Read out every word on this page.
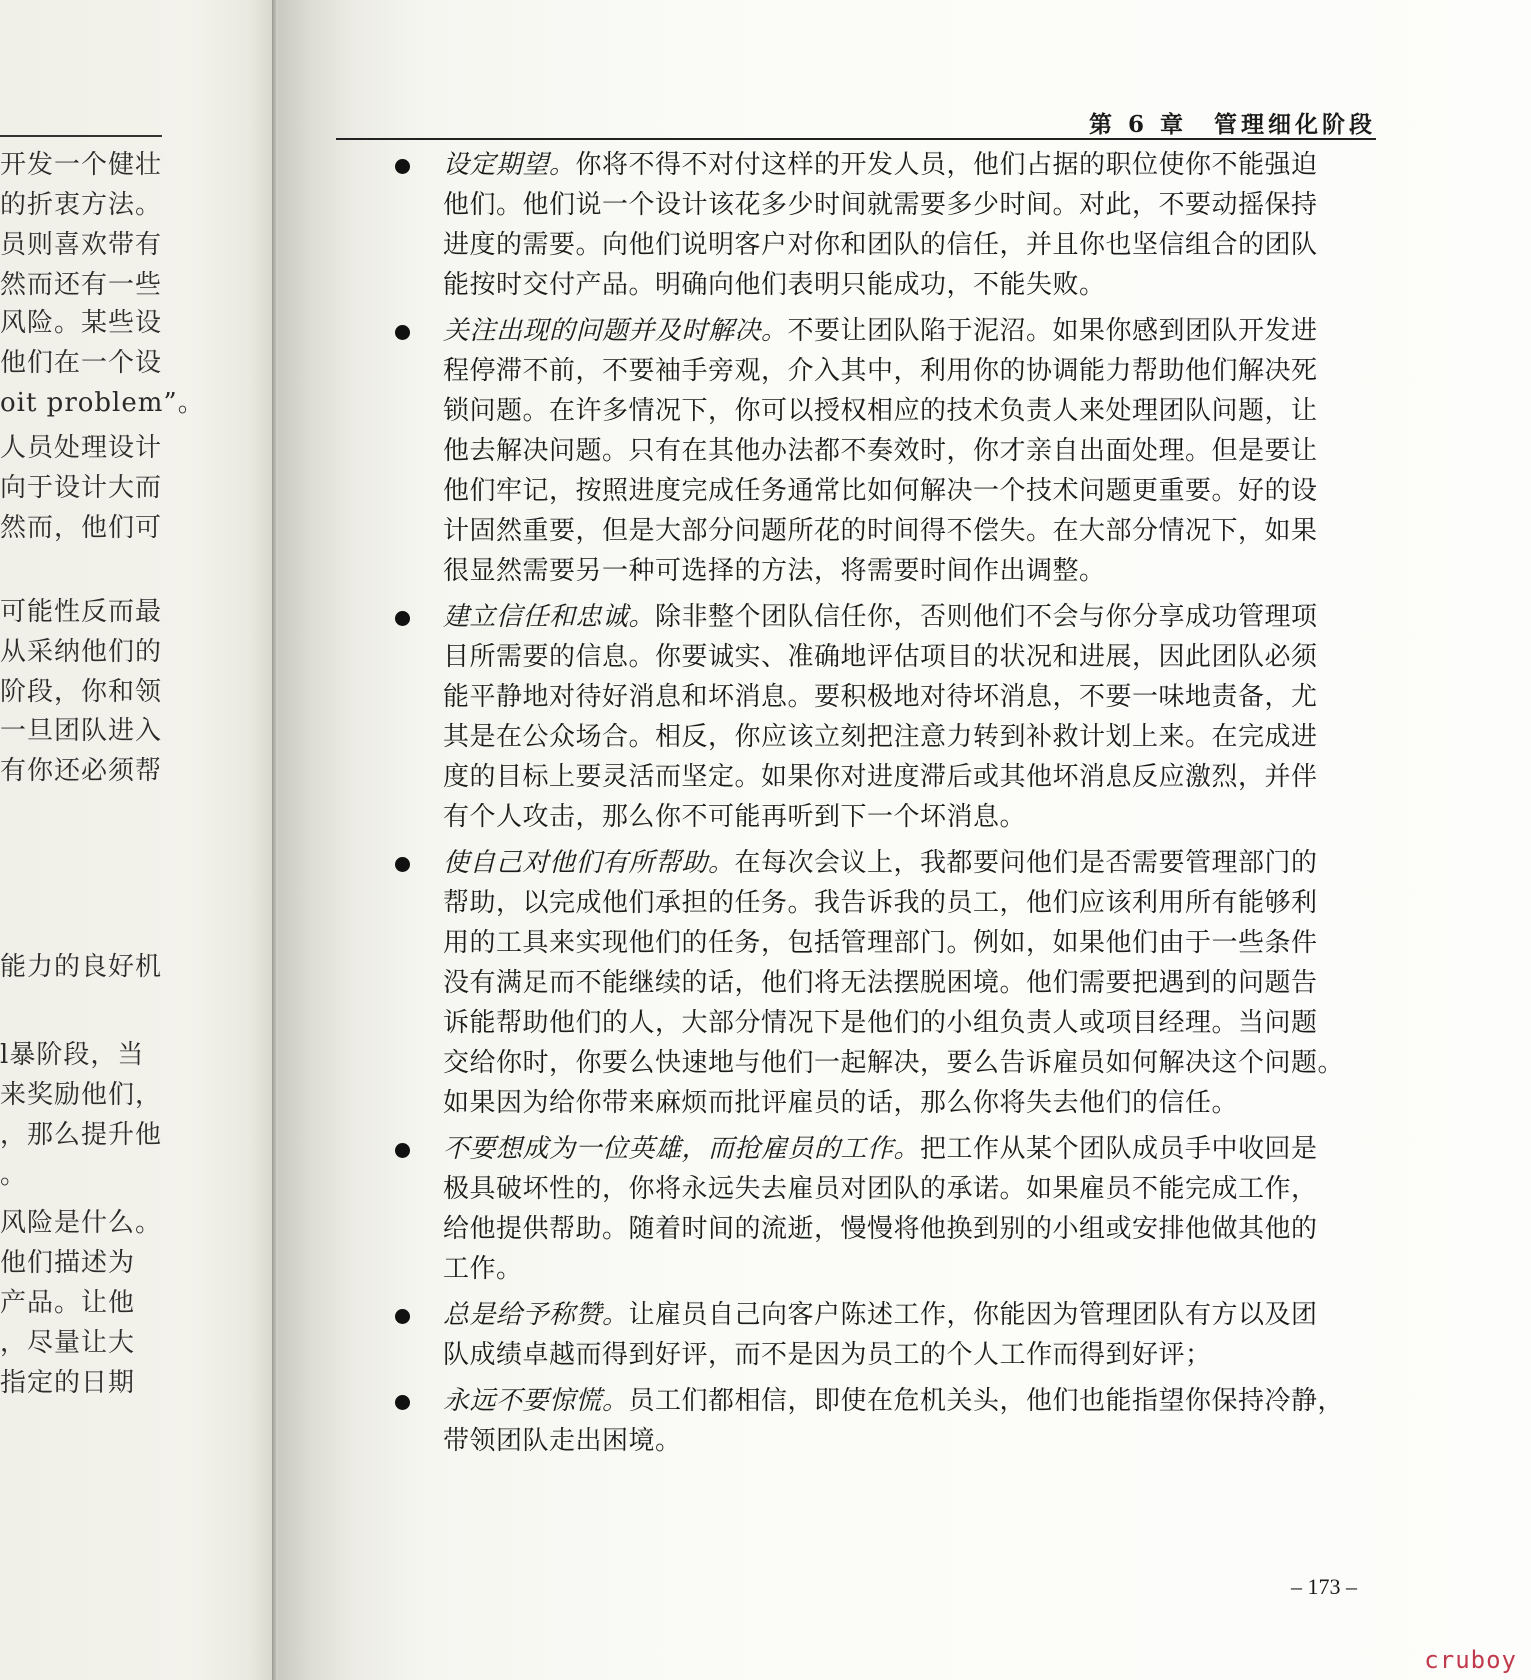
开发一个健壮
的折衷方法。
员则喜欢带有
然而还有一些
风险。某些设
他们在一个设
oit problem”。
人员处理设计
向于设计大而
然而，他们可
可能性反而最
从采纳他们的
阶段，你和领
一旦团队进入
有你还必须帮
能力的良好机
l暴阶段，当
来奖励他们，
，那么提升他
。
风险是什么。
他们描述为
产品。让他
，尽量让大
指定的日期
第 6 章　管理细化阶段
设定期望。你将不得不对付这样的开发人员，他们占据的职位使你不能强迫
他们。他们说一个设计该花多少时间就需要多少时间。对此，不要动摇保持
进度的需要。向他们说明客户对你和团队的信任，并且你也坚信组合的团队
能按时交付产品。明确向他们表明只能成功，不能失败。
关注出现的问题并及时解决。不要让团队陷于泥沼。如果你感到团队开发进
程停滞不前，不要袖手旁观，介入其中，利用你的协调能力帮助他们解决死
锁问题。在许多情况下，你可以授权相应的技术负责人来处理团队问题，让
他去解决问题。只有在其他办法都不奏效时，你才亲自出面处理。但是要让
他们牢记，按照进度完成任务通常比如何解决一个技术问题更重要。好的设
计固然重要，但是大部分问题所花的时间得不偿失。在大部分情况下，如果
很显然需要另一种可选择的方法，将需要时间作出调整。
建立信任和忠诚。除非整个团队信任你，否则他们不会与你分享成功管理项
目所需要的信息。你要诚实、准确地评估项目的状况和进展，因此团队必须
能平静地对待好消息和坏消息。要积极地对待坏消息，不要一味地责备，尤
其是在公众场合。相反，你应该立刻把注意力转到补救计划上来。在完成进
度的目标上要灵活而坚定。如果你对进度滞后或其他坏消息反应激烈，并伴
有个人攻击，那么你不可能再听到下一个坏消息。
使自己对他们有所帮助。在每次会议上，我都要问他们是否需要管理部门的
帮助，以完成他们承担的任务。我告诉我的员工，他们应该利用所有能够利
用的工具来实现他们的任务，包括管理部门。例如，如果他们由于一些条件
没有满足而不能继续的话，他们将无法摆脱困境。他们需要把遇到的问题告
诉能帮助他们的人，大部分情况下是他们的小组负责人或项目经理。当问题
交给你时，你要么快速地与他们一起解决，要么告诉雇员如何解决这个问题。
如果因为给你带来麻烦而批评雇员的话，那么你将失去他们的信任。
不要想成为一位英雄，而抢雇员的工作。把工作从某个团队成员手中收回是
极具破坏性的，你将永远失去雇员对团队的承诺。如果雇员不能完成工作，
给他提供帮助。随着时间的流逝，慢慢将他换到别的小组或安排他做其他的
工作。
总是给予称赞。让雇员自己向客户陈述工作，你能因为管理团队有方以及团
队成绩卓越而得到好评，而不是因为员工的个人工作而得到好评；
永远不要惊慌。员工们都相信，即使在危机关头，他们也能指望你保持冷静，
带领团队走出困境。
– 173 –
cruboy
